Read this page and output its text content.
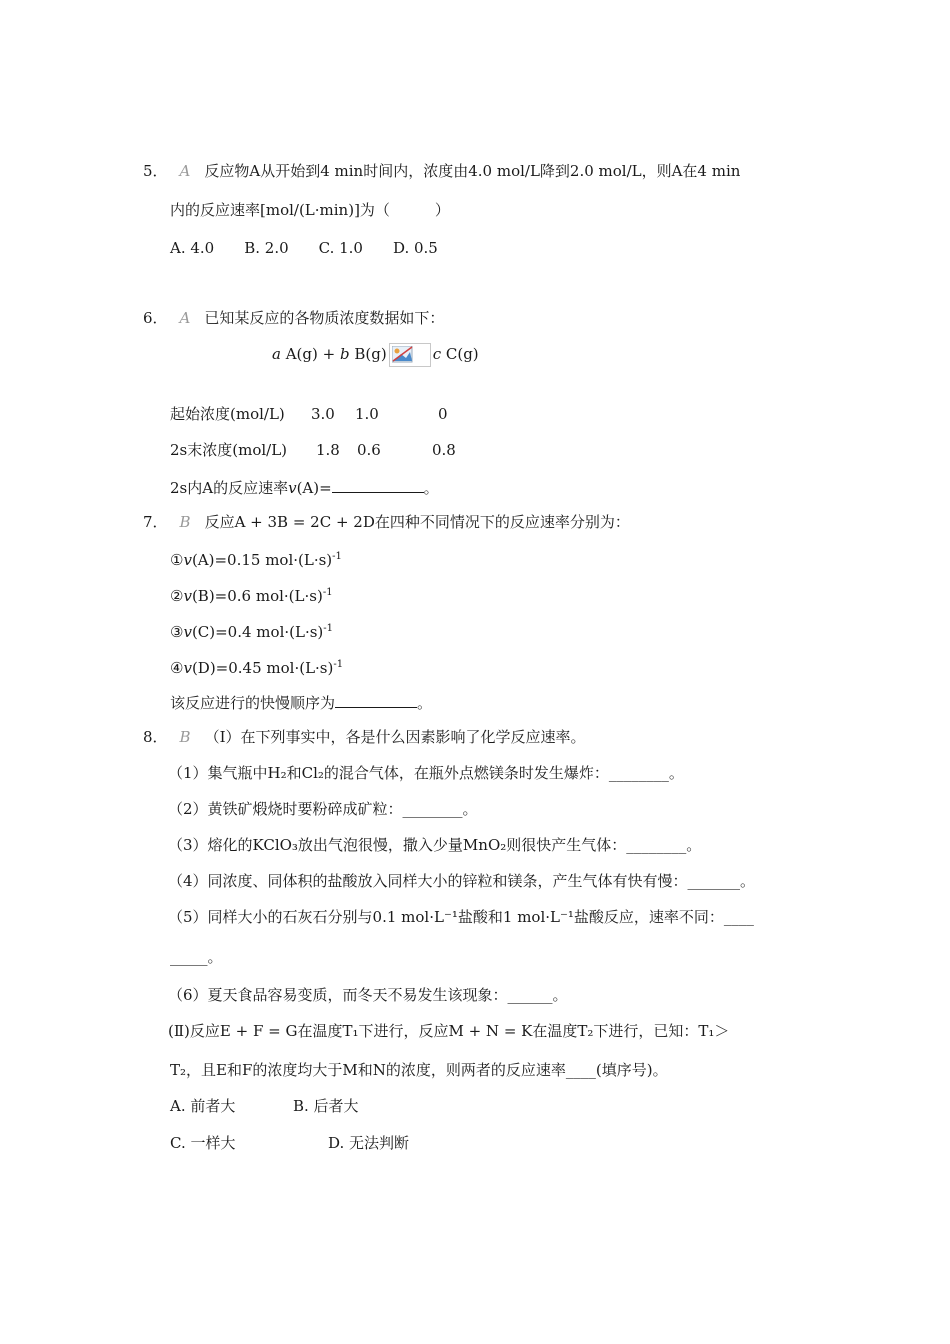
5． A 反应物A从开始到4 min时间内，浓度由4.0 mol/L降到2.0 mol/L，则A在4 min
内的反应速率[mol/(L·min)]为（　　　）
A. 4.0　　B. 2.0　　C. 1.0　　D. 0.5
6． A 已知某反应的各物质浓度数据如下：
a A(g) + b B(g)	c C(g)
起始浓度(mol/L) 3.0 1.0	0
2s末浓度(mol/L) 1.8 0.6	0.8
2s内A的反应速率v(A)=	。
7． B 反应A + 3B = 2C + 2D在四种不同情况下的反应速率分别为：
①v(A)=0.15 $mol\cdot(L\cdot s)^{-1}$
②v(B)=0.6 $mol\cdot(L\cdot s)^{-1}$
③v(C)=0.4 $mol\cdot(L\cdot s)^{-1}$
④v(D)=0.45 $mol\cdot(L\cdot s)^{-1}$
该反应进行的快慢顺序为	。
8． B （Ⅰ）在下列事实中，各是什么因素影响了化学反应速率。
（1）集气瓶中H₂和Cl₂的混合气体，在瓶外点燃镁条时发生爆炸：________。
（2）黄铁矿煅烧时要粉碎成矿粒：________。
（3）熔化的KClO₃放出气泡很慢，撒入少量MnO₂则很快产生气体：________。
（4）同浓度、同体积的盐酸放入同样大小的锌粒和镁条，产生气体有快有慢：_______。
（5）同样大小的石灰石分别与0.1 mol·L⁻¹盐酸和1 mol·L⁻¹盐酸反应，速率不同：____
_____。
（6）夏天食品容易变质，而冬天不易发生该现象：______。
(Ⅱ)反应E + F = G在温度T₁下进行，反应M + N = K在温度T₂下进行，已知：T₁＞
T₂，且E和F的浓度均大于M和N的浓度，则两者的反应速率____(填序号)。
A. 前者大	B. 后者大
C. 一样大	D. 无法判断
